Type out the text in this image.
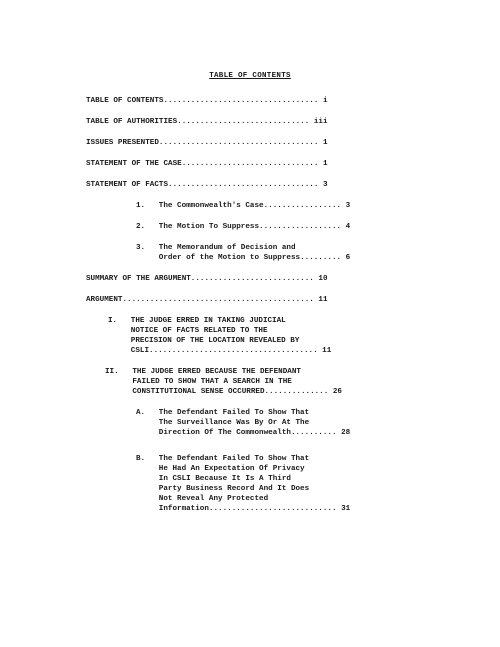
TABLE OF CONTENTS
TABLE OF CONTENTS.................................. i
TABLE OF AUTHORITIES............................. iii
ISSUES PRESENTED................................... 1
STATEMENT OF THE CASE.............................. 1
STATEMENT OF FACTS................................. 3
1.   The Commonwealth's Case................. 3
2.   The Motion To Suppress.................. 4
3.   The Memorandum of Decision and
Order of the Motion to Suppress......... 6
SUMMARY OF THE ARGUMENT........................... 10
ARGUMENT.......................................... 11
I.   THE JUDGE ERRED IN TAKING JUDICIAL
NOTICE OF FACTS RELATED TO THE
PRECISION OF THE LOCATION REVEALED BY
CSLI..................................... 11
II.   THE JUDGE ERRED BECAUSE THE DEFENDANT
FAILED TO SHOW THAT A SEARCH IN THE
CONSTITUTIONAL SENSE OCCURRED.............. 26
A.   The Defendant Failed To Show That
The Surveillance Was By Or At The
Direction Of The Commonwealth.......... 28
B.   The Defendant Failed To Show That
He Had An Expectation Of Privacy
In CSLI Because It Is A Third
Party Business Record And It Does
Not Reveal Any Protected
Information............................ 31
